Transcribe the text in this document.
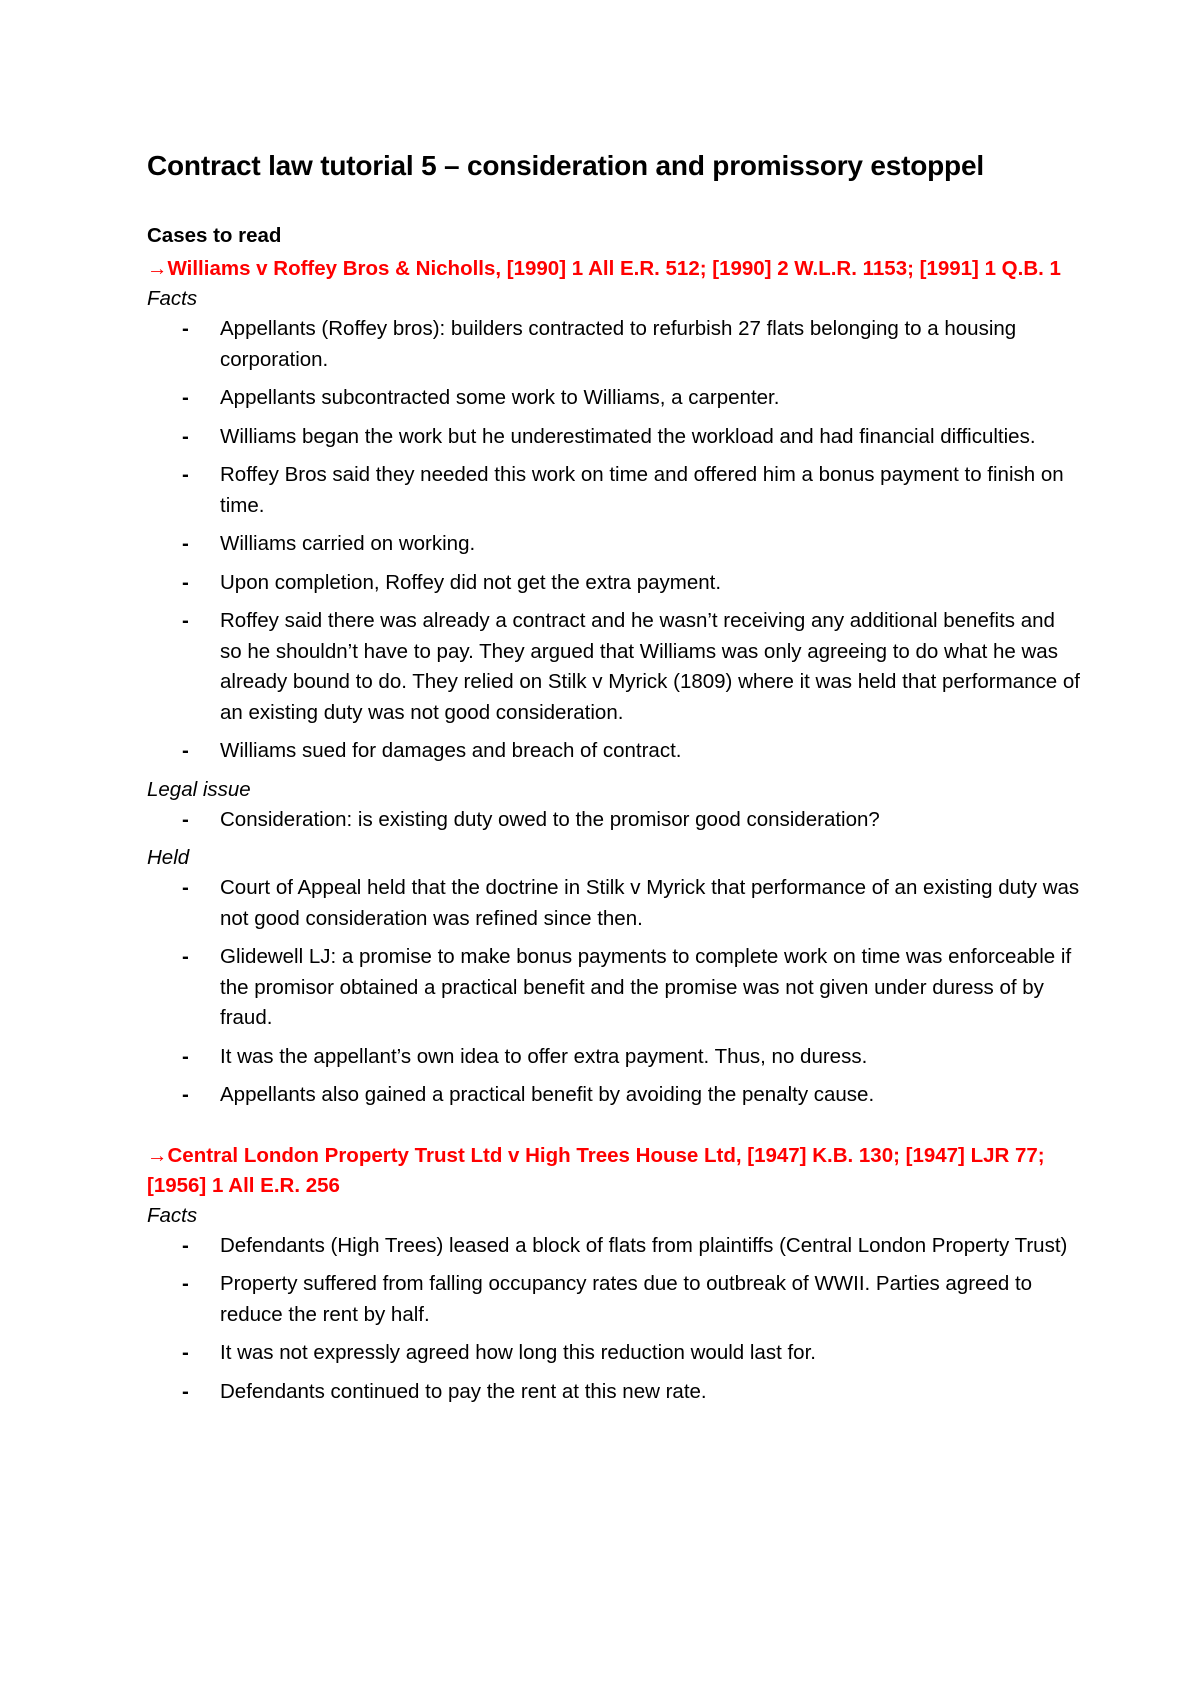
Contract law tutorial 5 – consideration and promissory estoppel
Cases to read
→Williams v Roffey Bros & Nicholls, [1990] 1 All E.R. 512; [1990] 2 W.L.R. 1153; [1991] 1 Q.B. 1
Facts
- Appellants (Roffey bros): builders contracted to refurbish 27 flats belonging to a housing corporation.
- Appellants subcontracted some work to Williams, a carpenter.
- Williams began the work but he underestimated the workload and had financial difficulties.
- Roffey Bros said they needed this work on time and offered him a bonus payment to finish on time.
- Williams carried on working.
- Upon completion, Roffey did not get the extra payment.
- Roffey said there was already a contract and he wasn’t receiving any additional benefits and so he shouldn’t have to pay. They argued that Williams was only agreeing to do what he was already bound to do. They relied on Stilk v Myrick (1809) where it was held that performance of an existing duty was not good consideration.
- Williams sued for damages and breach of contract.
Legal issue
- Consideration: is existing duty owed to the promisor good consideration?
Held
- Court of Appeal held that the doctrine in Stilk v Myrick that performance of an existing duty was not good consideration was refined since then.
- Glidewell LJ: a promise to make bonus payments to complete work on time was enforceable if the promisor obtained a practical benefit and the promise was not given under duress of by fraud.
- It was the appellant’s own idea to offer extra payment. Thus, no duress.
- Appellants also gained a practical benefit by avoiding the penalty cause.
→Central London Property Trust Ltd v High Trees House Ltd, [1947] K.B. 130; [1947] LJR 77; [1956] 1 All E.R. 256
Facts
- Defendants (High Trees) leased a block of flats from plaintiffs (Central London Property Trust)
- Property suffered from falling occupancy rates due to outbreak of WWII. Parties agreed to reduce the rent by half.
- It was not expressly agreed how long this reduction would last for.
- Defendants continued to pay the rent at this new rate.
